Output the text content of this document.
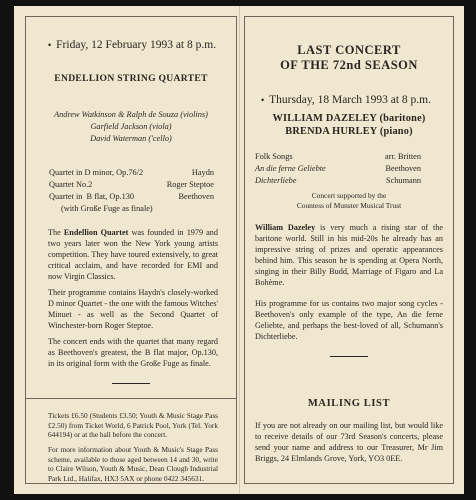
• Friday, 12 February 1993 at 8 p.m.
ENDELLION STRING QUARTET
Andrew Watkinson & Ralph de Souza (violins)
Garfield Jackson (viola)
David Waterman ('cello)
Quartet in D minor, Op.76/2	Haydn
Quartet No.2	Roger Steptoe
Quartet in  B flat, Op.130	Beethoven
(with Große Fuge as finale)
The Endellion Quartet was founded in 1979 and two years later won the New York young artists competition. They have toured extensively, to great critical acclaim, and have recorded for EMI and now Virgin Classics.
Their programme contains Haydn's closely-worked D minor Quartet - the one with the famous Witches' Minuet - as well as the Second Quartet of Winchester-born Roger Steptoe.
The concert ends with the quartet that many regard as Beethoven's greatest, the B flat major, Op.130, in its original form with the Große Fuge as finale.
Tickets £6.50 (Students £3.50; Youth & Music Stage Pass £2.50) from Ticket World, 6 Patrick Pool, York (Tel. York 644194) or at the hall before the concert.
For more information about Youth & Music's Stage Pass scheme, available to those aged between 14 and 30, write to Claire Wilson, Youth & Music, Dean Clough Industrial Park Ltd., Halifax, HX3 5AX or phone 0422 345631.
LAST CONCERT
OF THE 72nd SEASON
• Thursday, 18 March 1993 at 8 p.m.
WILLIAM DAZELEY (baritone)
BRENDA HURLEY (piano)
Folk Songs	arr. Britten
An die ferne Geliebte	Beethoven
Dichterliebe	Schumann
Concert supported by the
Countess of Munster Musical Trust
William Dazeley is very much a rising star of the baritone world. Still in his mid-20s he already has an impressive string of prizes and operatic appearances behind him. This season he is spending at Opera North, singing in their Billy Budd, Marriage of Figaro and La Bohème.
His programme for us contains two major song cycles - Beethoven's only example of the type, An die ferne Geliebte, and perhaps the best-loved of all, Schumann's Dichterliebe.
MAILING LIST
If you are not already on our mailing list, but would like to receive details of our 73rd Season's concerts, please send your name and address to our Treasurer, Mr Jim Briggs, 24 Elmlands Grove, York, YO3 0EE.
